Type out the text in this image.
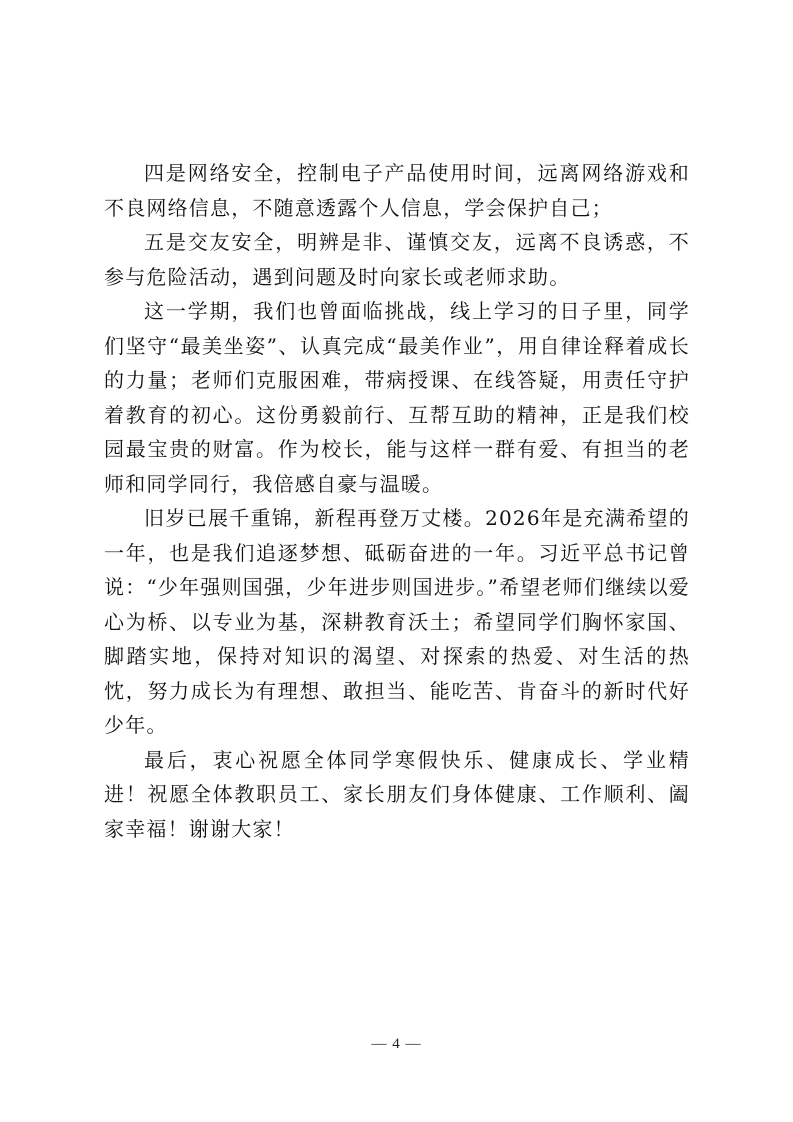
四是网络安全，控制电子产品使用时间，远离网络游戏和不良网络信息，不随意透露个人信息，学会保护自己；

五是交友安全，明辨是非、谨慎交友，远离不良诱惑，不参与危险活动，遇到问题及时向家长或老师求助。

这一学期，我们也曾面临挑战，线上学习的日子里，同学们坚守“最美坐姿”、认真完成“最美作业”，用自律诠释着成长的力量；老师们克服困难，带病授课、在线答疑，用责任守护着教育的初心。这份勇毅前行、互帮互助的精神，正是我们校园最宝贵的财富。作为校长，能与这样一群有爱、有担当的老师和同学同行，我倍感自豪与温暖。

旧岁已展千重锦，新程再登万丈楼。2026年是充满希望的一年，也是我们追逐梦想、砥砺奋进的一年。习近平总书记曾说：“少年强则国强，少年进步则国进步。”希望老师们继续以爱心为桥、以专业为基，深耕教育沃土；希望同学们胸怀家国、脚踏实地，保持对知识的渴望、对探索的热爱、对生活的热忱，努力成长为有理想、敢担当、能吃苦、肯奋斗的新时代好少年。

最后，衷心祝愿全体同学寒假快乐、健康成长、学业精进！祝愿全体教职员工、家长朋友们身体健康、工作顺利、阖家幸福！谢谢大家！

— 4 —
